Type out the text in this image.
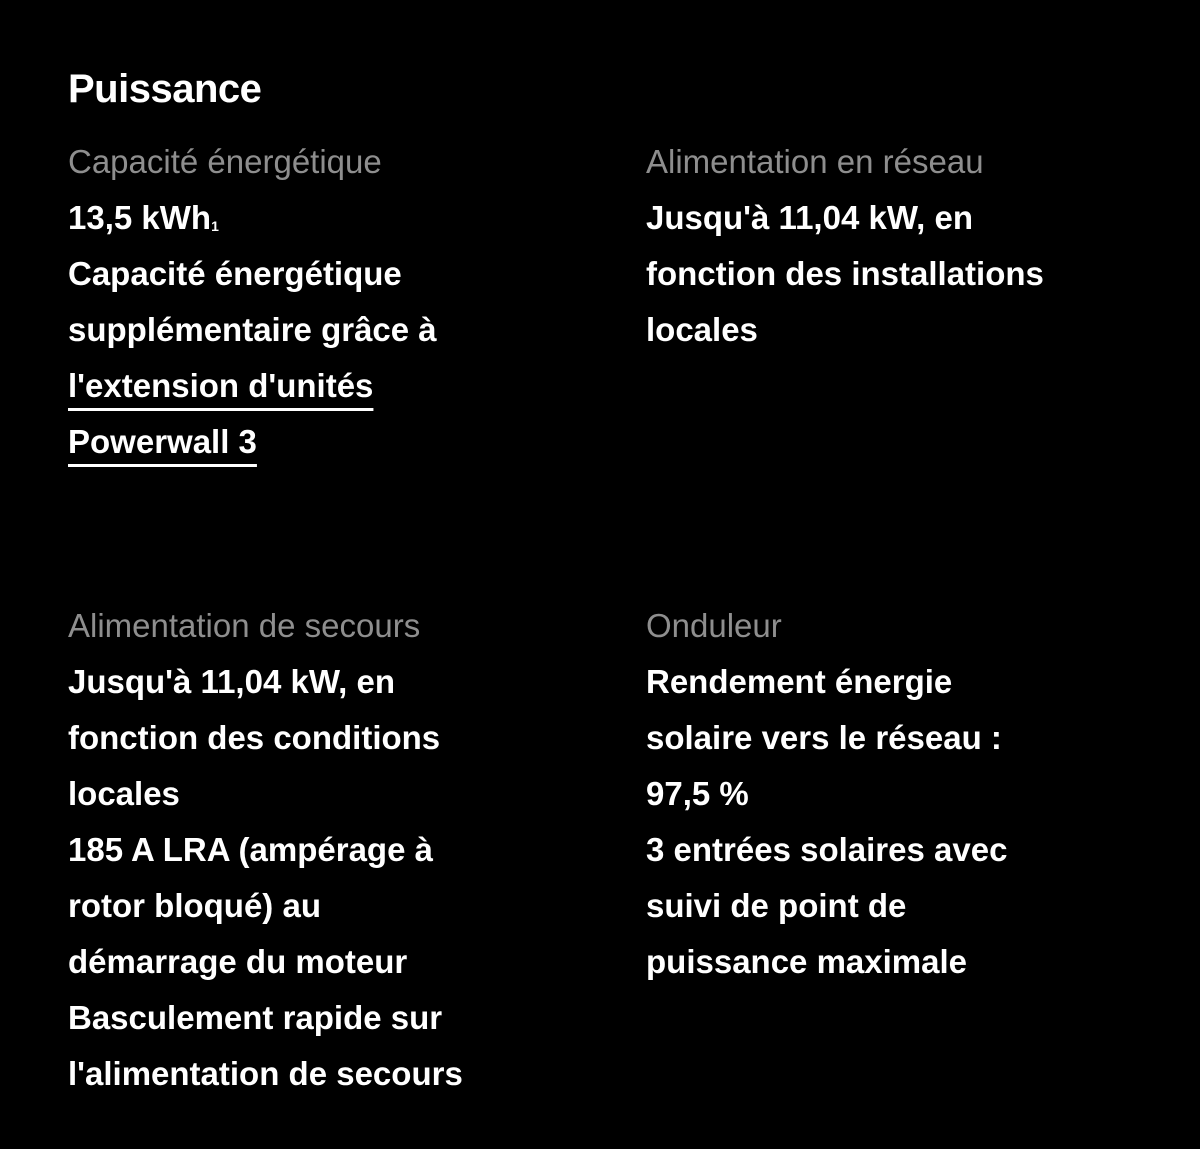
Puissance
Capacité énergétique
13,5 kWh$^1$
Capacité énergétique
supplémentaire grâce à
l'extension d'unités
Powerwall 3
Alimentation en réseau
Jusqu'à 11,04 kW, en
fonction des installations
locales
Alimentation de secours
Jusqu'à 11,04 kW, en
fonction des conditions
locales
185 A LRA (ampérage à
rotor bloqué) au
démarrage du moteur
Basculement rapide sur
l'alimentation de secours
Onduleur
Rendement énergie
solaire vers le réseau :
97,5 %
3 entrées solaires avec
suivi de point de
puissance maximale
